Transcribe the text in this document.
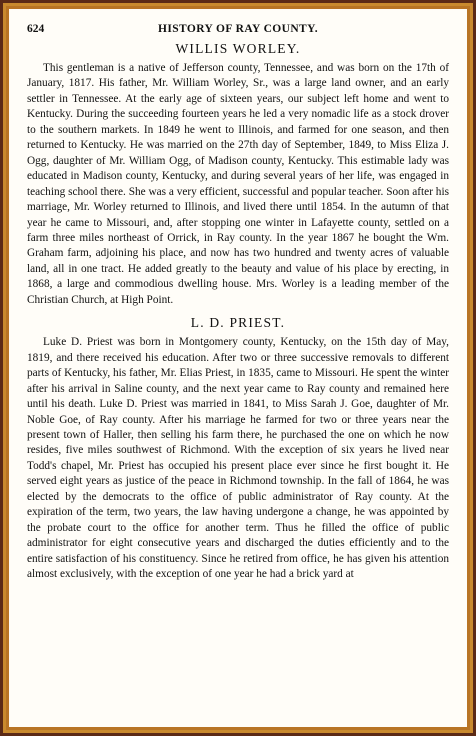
624	HISTORY OF RAY COUNTY.
WILLIS WORLEY.

This gentleman is a native of Jefferson county, Tennessee, and was born on the 17th of January, 1817. His father, Mr. William Worley, Sr., was a large land owner, and an early settler in Tennessee. At the early age of sixteen years, our subject left home and went to Kentucky. During the succeeding fourteen years he led a very nomadic life as a stock drover to the southern markets. In 1849 he went to Illinois, and farmed for one season, and then returned to Kentucky. He was married on the 27th day of September, 1849, to Miss Eliza J. Ogg, daughter of Mr. William Ogg, of Madison county, Kentucky. This estimable lady was educated in Madison county, Kentucky, and during several years of her life, was engaged in teaching school there. She was a very efficient, successful and popular teacher. Soon after his marriage, Mr. Worley returned to Illinois, and lived there until 1854. In the autumn of that year he came to Missouri, and, after stopping one winter in Lafayette county, settled on a farm three miles northeast of Orrick, in Ray county. In the year 1867 he bought the Wm. Graham farm, adjoining his place, and now has two hundred and twenty acres of valuable land, all in one tract. He added greatly to the beauty and value of his place by erecting, in 1868, a large and commodious dwelling house. Mrs. Worley is a leading member of the Christian Church, at High Point.

L. D. PRIEST.

Luke D. Priest was born in Montgomery county, Kentucky, on the 15th day of May, 1819, and there received his education. After two or three successive removals to different parts of Kentucky, his father, Mr. Elias Priest, in 1835, came to Missouri. He spent the winter after his arrival in Saline county, and the next year came to Ray county and remained here until his death. Luke D. Priest was married in 1841, to Miss Sarah J. Goe, daughter of Mr. Noble Goe, of Ray county. After his marriage he farmed for two or three years near the present town of Haller, then selling his farm there, he purchased the one on which he now resides, five miles southwest of Richmond. With the exception of six years he lived near Todd's chapel, Mr. Priest has occupied his present place ever since he first bought it. He served eight years as justice of the peace in Richmond township. In the fall of 1864, he was elected by the democrats to the office of public administrator of Ray county. At the expiration of the term, two years, the law having undergone a change, he was appointed by the probate court to the office for another term. Thus he filled the office of public administrator for eight consecutive years and discharged the duties efficiently and to the entire satisfaction of his constituency. Since he retired from office, he has given his attention almost exclusively, with the exception of one year he had a brick yard at
